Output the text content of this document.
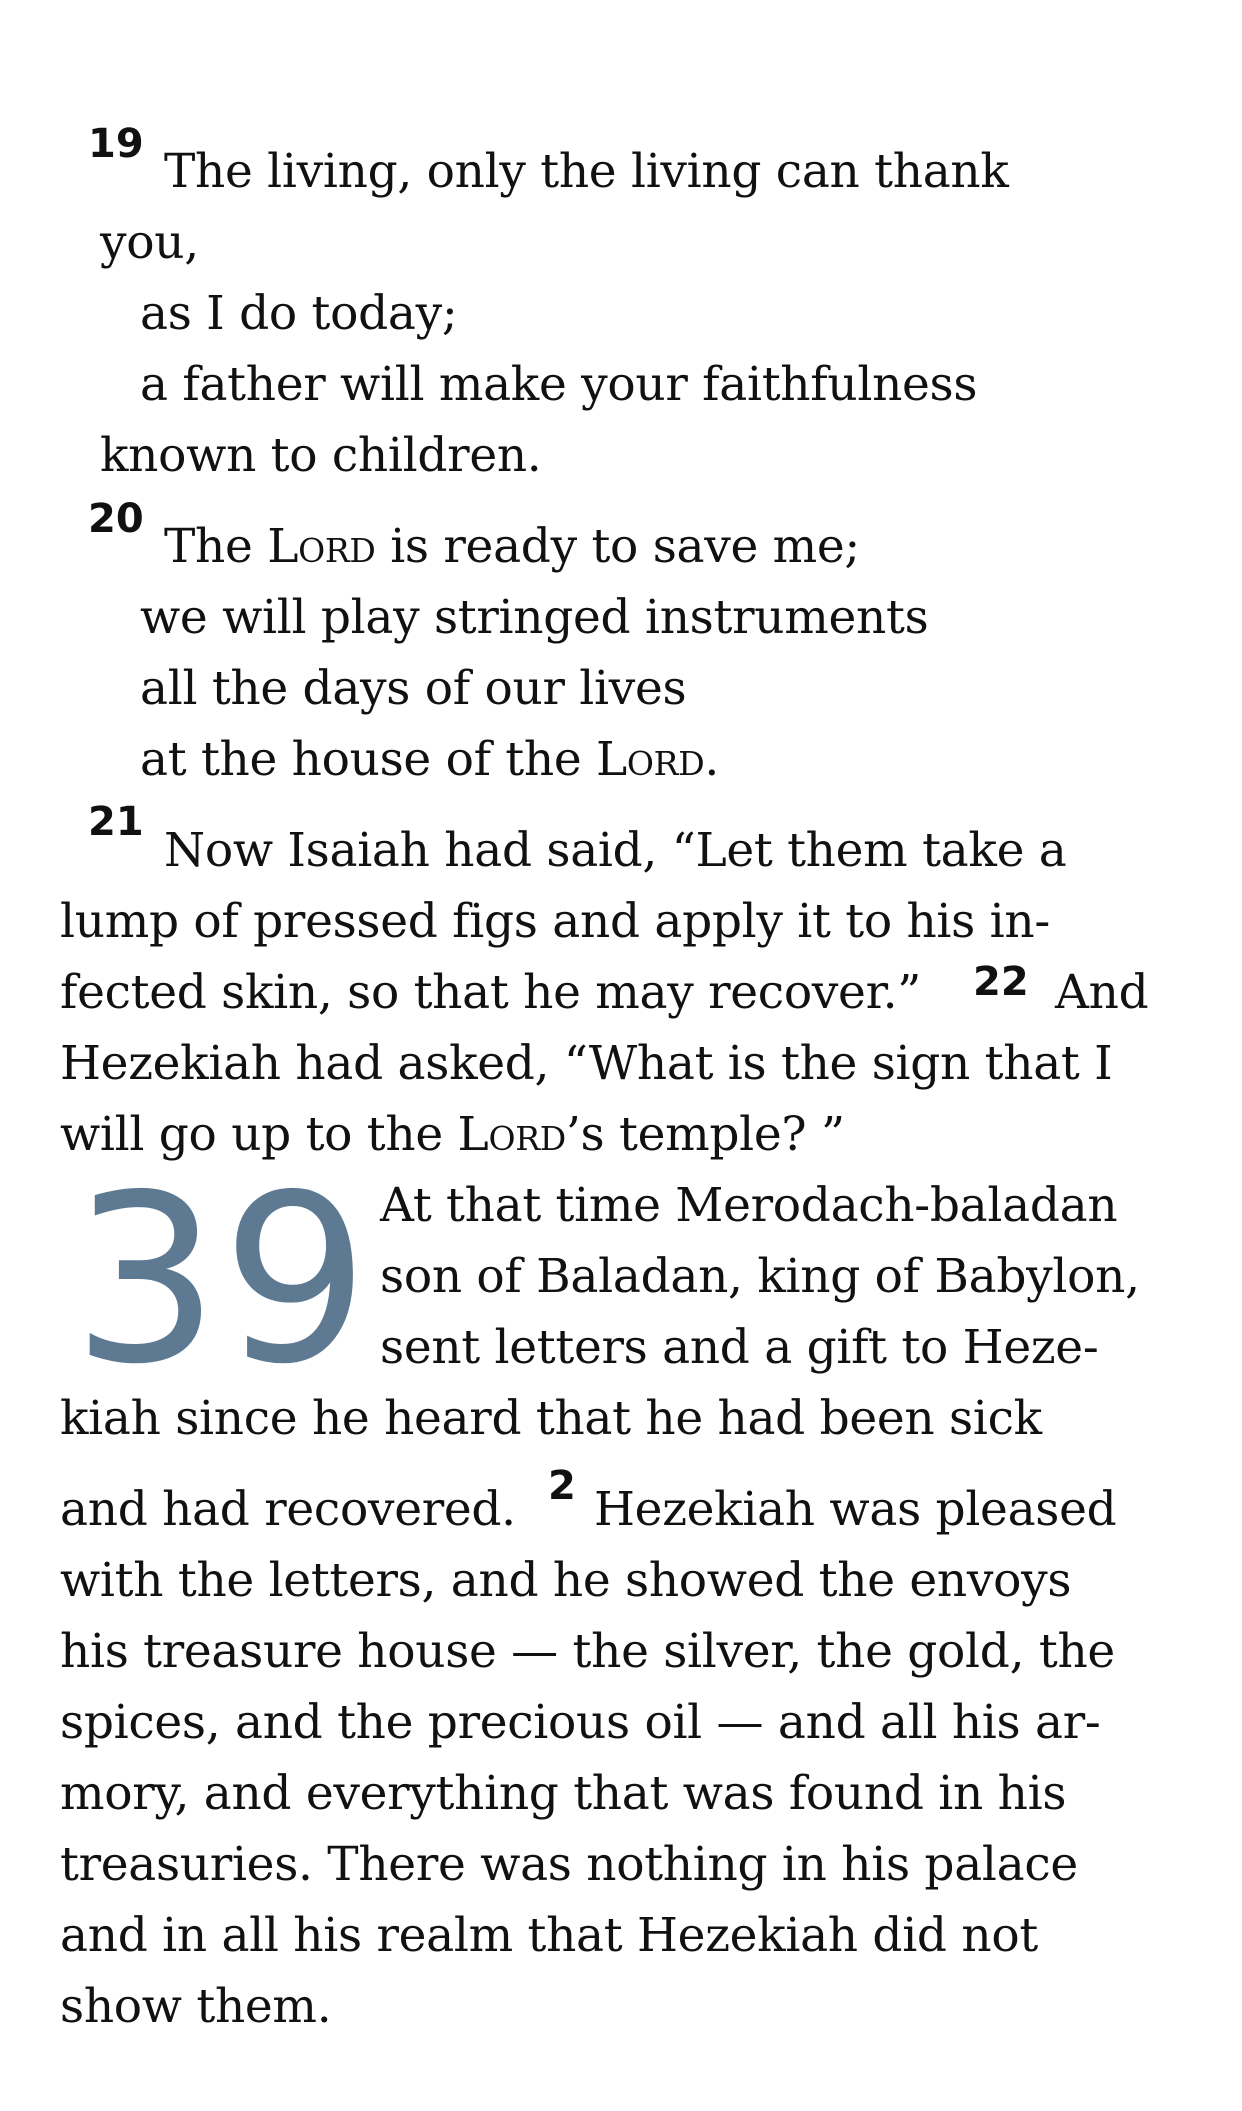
19 The living, only the living can thank
you,
as I do today;
a father will make your faithfulness
known to children.
20 The Lord is ready to save me;
we will play stringed instruments
all the days of our lives
at the house of the Lord.
21
Now Isaiah had said, “Let them take a
lump of pressed figs and apply it to his in-
fected skin, so that he may recover.” 22 And
Hezekiah had asked, “What is the sign that I
will go up to the Lord’s temple? ”
39 At that time Merodach-baladan
son of Baladan, king of Babylon,
sent letters and a gift to Heze-
kiah since he heard that he had been sick
and had recovered. 2 Hezekiah was pleased
with the letters, and he showed the envoys
his treasure house — the silver, the gold, the
spices, and the precious oil — and all his ar-
mory, and everything that was found in his
treasuries. There was nothing in his palace
and in all his realm that Hezekiah did not
show them.
